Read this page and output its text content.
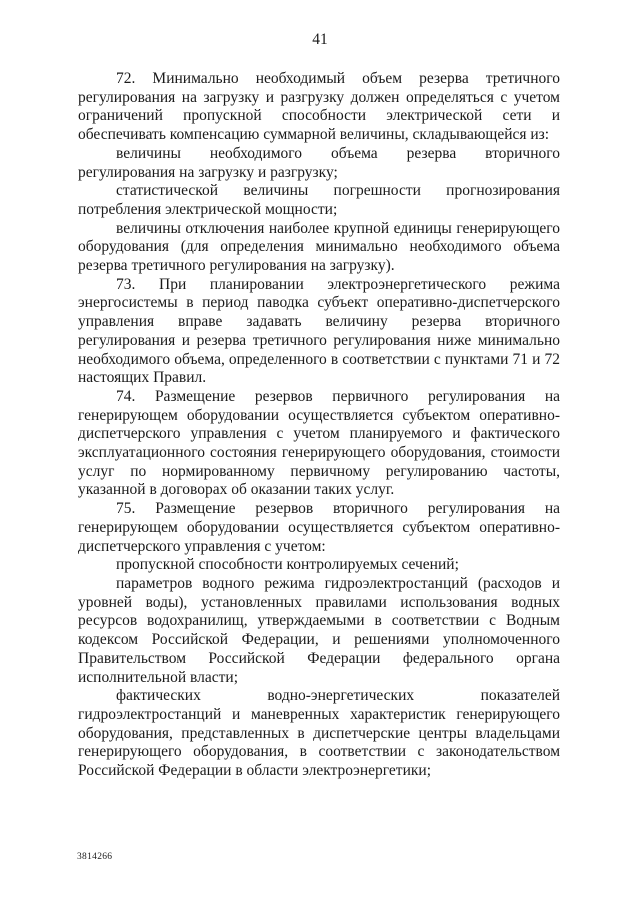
41

72. Минимально необходимый объем резерва третичного регулирования на загрузку и разгрузку должен определяться с учетом ограничений пропускной способности электрической сети и обеспечивать компенсацию суммарной величины, складывающейся из:

величины необходимого объема резерва вторичного регулирования на загрузку и разгрузку;

статистической величины погрешности прогнозирования потребления электрической мощности;

величины отключения наиболее крупной единицы генерирующего оборудования (для определения минимально необходимого объема резерва третичного регулирования на загрузку).

73. При планировании электроэнергетического режима энергосистемы в период паводка субъект оперативно-диспетчерского управления вправе задавать величину резерва вторичного регулирования и резерва третичного регулирования ниже минимально необходимого объема, определенного в соответствии с пунктами 71 и 72 настоящих Правил.

74. Размещение резервов первичного регулирования на генерирующем оборудовании осуществляется субъектом оперативно-диспетчерского управления с учетом планируемого и фактического эксплуатационного состояния генерирующего оборудования, стоимости услуг по нормированному первичному регулированию частоты, указанной в договорах об оказании таких услуг.

75. Размещение резервов вторичного регулирования на генерирующем оборудовании осуществляется субъектом оперативно-диспетчерского управления с учетом:

пропускной способности контролируемых сечений;

параметров водного режима гидроэлектростанций (расходов и уровней воды), установленных правилами использования водных ресурсов водохранилищ, утверждаемыми в соответствии с Водным кодексом Российской Федерации, и решениями уполномоченного Правительством Российской Федерации федерального органа исполнительной власти;

фактических водно-энергетических показателей гидроэлектростанций и маневренных характеристик генерирующего оборудования, представленных в диспетчерские центры владельцами генерирующего оборудования, в соответствии с законодательством Российской Федерации в области электроэнергетики;

3814266
